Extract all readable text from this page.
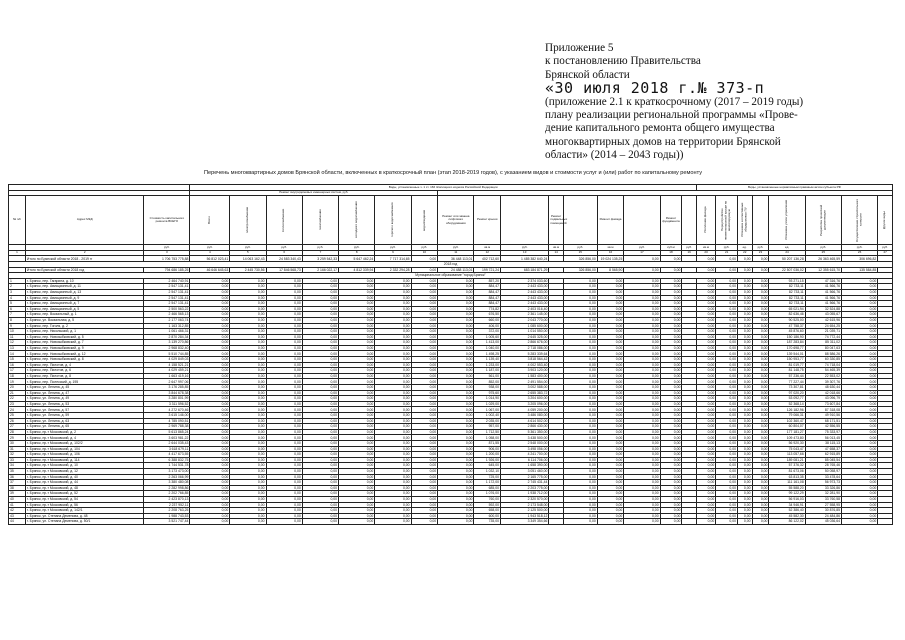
Приложение 5
к постановлению Правительства
Брянской области
«30 июля 2018 г.№ 373-п
(приложение 2.1 к краткосрочному (2017 – 2019 годы)
плану реализации региональной программы «Прове-
дение капитального ремонта общего имущества
многоквартирных домов на территории Брянской
области» (2014 – 2043 годы))
Перечень многоквартирных домов Брянской области, включенных в краткосрочный план (этап 2018-2019 годов), с указанием видов и стоимости услуг и (или) работ по капитальному ремонту
			Виды, установленные ч. 1 ст. 166 Жилищного кодекса Российской Федерации																Виды, установленные нормативным правовым актом субъекта РФ							
			Ремонт внутридомовых инженерных систем, руб.																							
№ п/п	Адрес МКД	Стоимость капитального ремонта ВСЕГО	Всего	электроснабжение	теплоснабжение	газоснабжение	холодного водоснабжения	горячего водоснабжения	водоотведения	Ремонт или замена лифтового оборудования	Ремонт крыши		Ремонт подвальных помещений		Ремонт фасада		Ремонт фундамента		Утепление фасада	Переустройство невентилируемой крыши на вентилируемую	Установка коллективных общедомовых ПУ		Установка узлов управления	Разработка проектной документации	Осуществление строительного контроля	Другие виды

		руб.	руб.	руб.	руб.	руб.	руб.	руб.	руб.	руб.	кв.м	руб.	кв.м	руб.	кв.м	руб.	куб.м	руб.	кв.м	руб.	ед.	руб.	ед.	руб.	руб.	руб.
1	2	3	4	5	6	7	8	9	10	11	12	13	14	15	16	17	18	19	20	21	22	23	24	25	26	27
	Итого по Брянской области 2018 - 2019 гг	1 706 753 775,88	56 812 023,41	14 063 162,43	24 583 340,43	3 259 542,33	5 647 462,24	7 717 314,65	0,00	36 448 113,01	402 712,60	1 485 382 640,24		326 856,00	19 024 135,25	0,00	0,00		0,00	0,00	0,00	0,00	50 207 136,28	26 363 465,59	306 696,82	
2018 год																										
	Итого по Брянской области 2018 год	794 686 185,25	46 646 645,63	2 445 730,56	17 846 568,73	2 166 022,17	4 812 339,94	2 332 294,28	0,00	24 488 113,01	199 721,24	683 184 871,29		326 856,00	8 565,90	0,00	0,00		0,00	0,00	0,00	0,00	22 507 036,02	12 355 615,70	135 584,85	
Муниципальное образование "город Брянск"																										
1	г. Брянск, пер. Гагарина, д. 10	2 464 740,91	0,00	0,00	0,00	0,00	0,00	0,00	0,00	0,00	857,20	2 374 033,60		0,00	0,00	0,00	0,00		0,00	0,00	0,00	0,00	93 271,15	47 316,76	0,00	
2	г. Брянск, пер. Авиационный, д. 11	2 547 131,41	0,00	0,00	0,00	0,00	0,00	0,00	0,00	0,00	884,47	2 443 433,00		0,00	0,00	0,00	0,00		0,00	0,00	0,00	0,00	82 733,11	41 566,76	0,00	
3	г. Брянск, пер. Авиационный, д. 13	2 547 131,41	0,00	0,00	0,00	0,00	0,00	0,00	0,00	0,00	884,47	2 443 433,00		0,00	0,00	0,00	0,00		0,00	0,00	0,00	0,00	82 733,11	41 566,76	0,00	
4	г. Брянск, пер. Авиационный, д. 9	2 547 131,41	0,00	0,00	0,00	0,00	0,00	0,00	0,00	0,00	884,47	2 443 433,00		0,00	0,00	0,00	0,00		0,00	0,00	0,00	0,00	82 733,11	41 566,76	0,00	
5	г. Брянск, пер. Авиационный, д. 7	2 547 131,41	0,00	0,00	0,00	0,00	0,00	0,00	0,00	0,00	884,47	2 443 433,00		0,00	0,00	0,00	0,00		0,00	0,00	0,00	0,00	82 733,11	41 566,76	0,00	
6	г. Брянск, пер. Авиационный, д. 5	2 500 563,22	0,00	0,00	0,00	0,00	0,00	0,00	0,00	0,00	774,82	2 403 016,40		0,00	0,00	0,00	0,00		0,00	0,00	0,00	0,00	65 021,94	32 524,88	0,00	
7	г. Брянск, пер. Вокзальный, д. 1	2 466 565,13	0,00	0,00	0,00	0,00	0,00	0,00	0,00	0,00	676,50	2 361 145,00		0,00	0,00	0,00	0,00		0,00	0,00	0,00	0,00	82 636,46	43 055,67	0,00	
8	г. Брянск, ул. Вокзальная, д. 5	2 177 063,74	0,00	0,00	0,00	0,00	0,00	0,00	0,00	0,00	660,00	2 043 770,00		0,00	0,00	0,00	0,00		0,00	0,00	0,00	0,00	90 525,00	42 615,96	0,00	
9	г. Брянск, пер. Гоголя, д. 2	1 163 312,85	0,00	0,00	0,00	0,00	0,00	0,00	0,00	0,00	406,00	1 085 600,00		0,00	0,00	0,00	0,00		0,00	0,00	0,00	0,00	47 758,37	24 654,25	0,00	
10	г. Брянск, пер. Никольский, д. 1	1 061 466,31	0,00	0,00	0,00	0,00	0,00	0,00	0,00	0,00	372,00	1 014 550,00		0,00	0,00	0,00	0,00		0,00	0,00	0,00	0,00	45 876,60	21 039,71	0,00	
11	г. Брянск, пер. Новозыбковский, д. 5	2 870 284,34	0,00	0,00	0,00	0,00	0,00	0,00	0,00	0,00	1 005,60	2 645 325,00		0,00	0,00	0,00	0,00		0,00	0,00	0,00	0,00	150 186,90	74 772,44	0,00	
12	г. Брянск, пер. Новозыбковский, д. 7	3 139 270,86	0,00	0,00	0,00	0,00	0,00	0,00	0,00	0,00	1 413,00	2 866 676,00		0,00	0,00	0,00	0,00		0,00	0,00	0,00	0,00	187 283,84	85 311,02	0,00	
13	г. Брянск, пер. Новозыбковский, д. 9	2 968 832,40	0,00	0,00	0,00	0,00	0,00	0,00	0,00	0,00	1 040,00	2 718 086,00		0,00	0,00	0,00	0,00		0,00	0,00	0,00	0,00	170 698,77	80 047,63	0,00	
14	г. Брянск, пер. Новозыбковский, д. 12	5 510 744,85	0,00	0,00	0,00	0,00	0,00	0,00	0,00	0,00	1 498,25	5 283 339,64		0,00	0,00	0,00	0,00		0,00	0,00	0,00	0,00	139 544,01	88 586,26	0,00	
15	г. Брянск, пер. Новозыбковский, д. 8	4 029 849,03	0,00	0,00	0,00	0,00	0,00	0,00	0,00	0,00	1 139,40	3 818 564,42		0,00	0,00	0,00	0,00		0,00	0,00	0,00	0,00	150 953,77	60 330,85	0,00	
16	г. Брянск, пер. Пилотов, д. 4	4 158 521,21	0,00	0,00	0,00	0,00	0,00	0,00	0,00	0,00	1 233,00	4 002 553,40		0,00	0,00	0,00	0,00		0,00	0,00	0,00	0,00	81 019,77	74 718,04	0,00	
17	г. Брянск, пер. Пилотов, д. 6	4 029 459,21	0,00	0,00	0,00	0,00	0,00	0,00	0,00	0,00	1 187,00	3 903 120,00		0,00	0,00	0,00	0,00		0,00	0,00	0,00	0,00	81 148,75	54 465,39	0,00	
18	г. Брянск, пер. Пилотов, д. 8	1 663 419,16	0,00	0,00	0,00	0,00	0,00	0,00	0,00	0,00	561,00	1 583 400,00		0,00	0,00	0,00	0,00		0,00	0,00	0,00	0,00	57 236,44	22 553,02	0,00	
19	г. Брянск, пер. Полесский, д. 195	2 647 997,06	0,00	0,00	0,00	0,00	0,00	0,00	0,00	0,00	852,00	2 491 554,00		0,00	0,00	0,00	0,00		0,00	0,00	0,00	0,00	77 227,44	39 307,76	0,00	
20	г. Брянск, ул. Ленина, д. 45	3 176 285,85	0,00	0,00	0,00	0,00	0,00	0,00	0,00	0,00	938,00	3 002 588,00		0,00	0,00	0,00	0,00		0,00	0,00	0,00	0,00	73 307,81	48 630,44	0,00	
21	г. Брянск, ул. Ленина, д. 47	3 844 678,38	0,00	0,00	0,00	0,00	0,00	0,00	0,00	0,00	975,60	2 655 383,72		0,00	0,00	0,00	0,00		0,00	0,00	0,00	0,00	97 020,20	42 018,66	0,00	
22	г. Брянск, ул. Ленина, д. 49	3 280 801,99	0,00	0,00	0,00	0,00	0,00	0,00	0,00	0,00	1 014,90	3 204 600,00		0,00	0,00	0,00	0,00		0,00	0,00	0,00	0,00	53 092,77	43 096,79	0,00	
23	г. Брянск, ул. Ленина, д. 53	3 311 596,52	0,00	0,00	0,00	0,00	0,00	0,00	0,00	0,00	1 029,00	3 205 096,00		0,00	0,00	0,00	0,00		0,00	0,00	0,00	0,00	52 368,14	73 607,84	0,00	
24	г. Брянск, ул. Ленина, д. 57	4 272 670,46	0,00	0,00	0,00	0,00	0,00	0,00	0,00	0,00	1 067,00	4 059 200,00		0,00	0,00	0,00	0,00		0,00	0,00	0,00	0,00	126 182,96	87 318,08	0,00	
25	г. Брянск, ул. Ленина, д. 59	3 615 146,00	0,00	0,00	0,00	0,00	0,00	0,00	0,00	0,00	1 002,40	3 486 080,00		0,00	0,00	0,00	0,00		0,00	0,00	0,00	0,00	79 066,31	49 910,56	0,00	
26	г. Брянск, ул. Ленина, д. 63	4 785 090,51	0,00	0,00	0,00	0,00	0,00	0,00	0,00	0,00	2 035,00	4 614 502,00		0,00	0,00	0,00	0,00		0,00	0,00	0,00	0,00	102 360,47	68 171,51	0,00	
27	г. Брянск, ул. Ленина, д. 65	2 969 788,38	0,00	0,00	0,00	0,00	0,00	0,00	0,00	0,00	957,00	2 866 430,00		0,00	0,00	0,00	0,00		0,00	0,00	0,00	0,00	60 804,07	42 556,55	0,00	
28	г. Брянск, пр-т Московский, д. 2	5 613 865,24	0,00	0,00	0,00	0,00	0,00	0,00	0,00	0,00	1 712,50	5 361 350,00		0,00	0,00	0,00	0,00		0,00	0,00	0,00	0,00	177 181,27	75 333,97	0,00	
29	г. Брянск, пр-т Московский, д. 4	3 603 981,22	0,00	0,00	0,00	0,00	0,00	0,00	0,00	0,00	1 058,00	3 438 500,00		0,00	0,00	0,00	0,00		0,00	0,00	0,00	0,00	109 473,80	56 013,45	0,00	
30	г. Брянск, пр-т Московский, д. 102/2	2 644 035,43	0,00	0,00	0,00	0,00	0,00	0,00	0,00	0,00	871,55	2 548 000,00		0,00	0,00	0,00	0,00		0,00	0,00	0,00	0,00	56 920,30	38 115,13	0,00	
31	г. Брянск, пр-т Московский, д. 104	3 618 679,11	0,00	0,00	0,00	0,00	0,00	0,00	0,00	0,00	906,00	3 498 056,00		0,00	0,00	0,00	0,00		0,00	0,00	0,00	0,00	75 043,47	47 658,37	0,00	
32	г. Брянск, пр-т Московский, д. 106	4 417 673,55	0,00	0,00	0,00	0,00	0,00	0,00	0,00	0,00	1 200,00	4 241 700,00		0,00	0,00	0,00	0,00		0,00	0,00	0,00	0,00	113 057,66	62 915,89	0,00	
33	г. Брянск, пр-т Московский, д. 114	6 388 832,75	0,00	0,00	0,00	0,00	0,00	0,00	0,00	0,00	1 926,00	6 114 706,00		0,00	0,00	0,00	0,00		0,00	0,00	0,00	0,00	189 081,21	85 045,54	0,00	
34	г. Брянск, пр-т Московский, д. 10	1 744 531,78	0,00	0,00	0,00	0,00	0,00	0,00	0,00	0,00	645,00	1 658 390,00		0,00	0,00	0,00	0,00		0,00	0,00	0,00	0,00	57 376,32	28 765,46	0,00	
35	г. Брянск, пр-т Московский, д. 12	3 173 473,00	0,00	0,00	0,00	0,00	0,00	0,00	0,00	0,00	1 032,10	3 051 460,00		0,00	0,00	0,00	0,00		0,00	0,00	0,00	0,00	81 673,06	50 058,97	0,00	
36	г. Брянск, пр-т Московский, д. 40	2 263 066,99	0,00	0,00	0,00	0,00	0,00	0,00	0,00	0,00	725,00	2 165 775,00		0,00	0,00	0,00	0,00		0,00	0,00	0,00	0,00	63 813,35	33 478,64	0,00	
37	г. Брянск, пр-т Московский, д. 44	3 380 480,08	0,00	0,00	0,00	0,00	0,00	0,00	0,00	0,00	1 172,00	2 745 431,44		0,00	0,00	0,00	0,00		0,00	0,00	0,00	0,00	111 161,08	56 973,73	0,00	
38	г. Брянск, пр-т Московский, д. 48	2 282 998,86	0,00	0,00	0,00	0,00	0,00	0,00	0,00	0,00	685,00	2 203 775,00		0,00	0,00	0,00	0,00		0,00	0,00	0,00	0,00	55 588,20	33 326,86	0,00	
39	г. Брянск, пр-т Московский, д. 52	2 202 766,85	0,00	0,00	0,00	0,00	0,00	0,00	0,00	0,00	1 076,00	1 938 712,00		0,00	0,00	0,00	0,00		0,00	0,00	0,00	0,00	99 122,29	32 281,90	0,00	
40	г. Брянск, пр-т Московский, д. 54	2 423 870,13	0,00	0,00	0,00	0,00	0,00	0,00	0,00	0,00	760,00	2 320 570,00		0,00	0,00	0,00	0,00		0,00	0,00	0,00	0,00	56 916,03	33 760,58	0,00	
41	г. Брянск, пр-т Московский, д. 56	2 237 952,11	0,00	0,00	0,00	0,00	0,00	0,00	0,00	0,00	592,00	2 173 548,00		0,00	0,00	0,00	0,00		0,00	0,00	0,00	0,00	34 946,91	27 558,95	0,00	
42	г. Брянск, пр-т Московский, д. 142/1	2 208 763,25	0,00	0,00	0,00	0,00	0,00	0,00	0,00	0,00	658,00	2 125 500,00		0,00	0,00	0,00	0,00		0,00	0,00	0,00	0,00	52 386,40	30 876,85	0,00	
43	г. Брянск, ул. Степана Деменова, д. 48	1 988 743,53	0,00	0,00	0,00	0,00	0,00	0,00	0,00	0,00	600,00	1 943 518,12		0,00	0,00	0,00	0,00		0,00	0,00	0,00	0,00	45 582,30	24 484,86	0,00	
44	г. Брянск, ул. Степана Деменова, д. 50/1	3 521 747,44	0,00	0,00	0,00	0,00	0,00	0,00	0,00	0,00	735,00	3 349 354,66		0,00	0,00	0,00	0,00		0,00	0,00	0,00	0,00	86 122,02	45 036,64	0,00	
